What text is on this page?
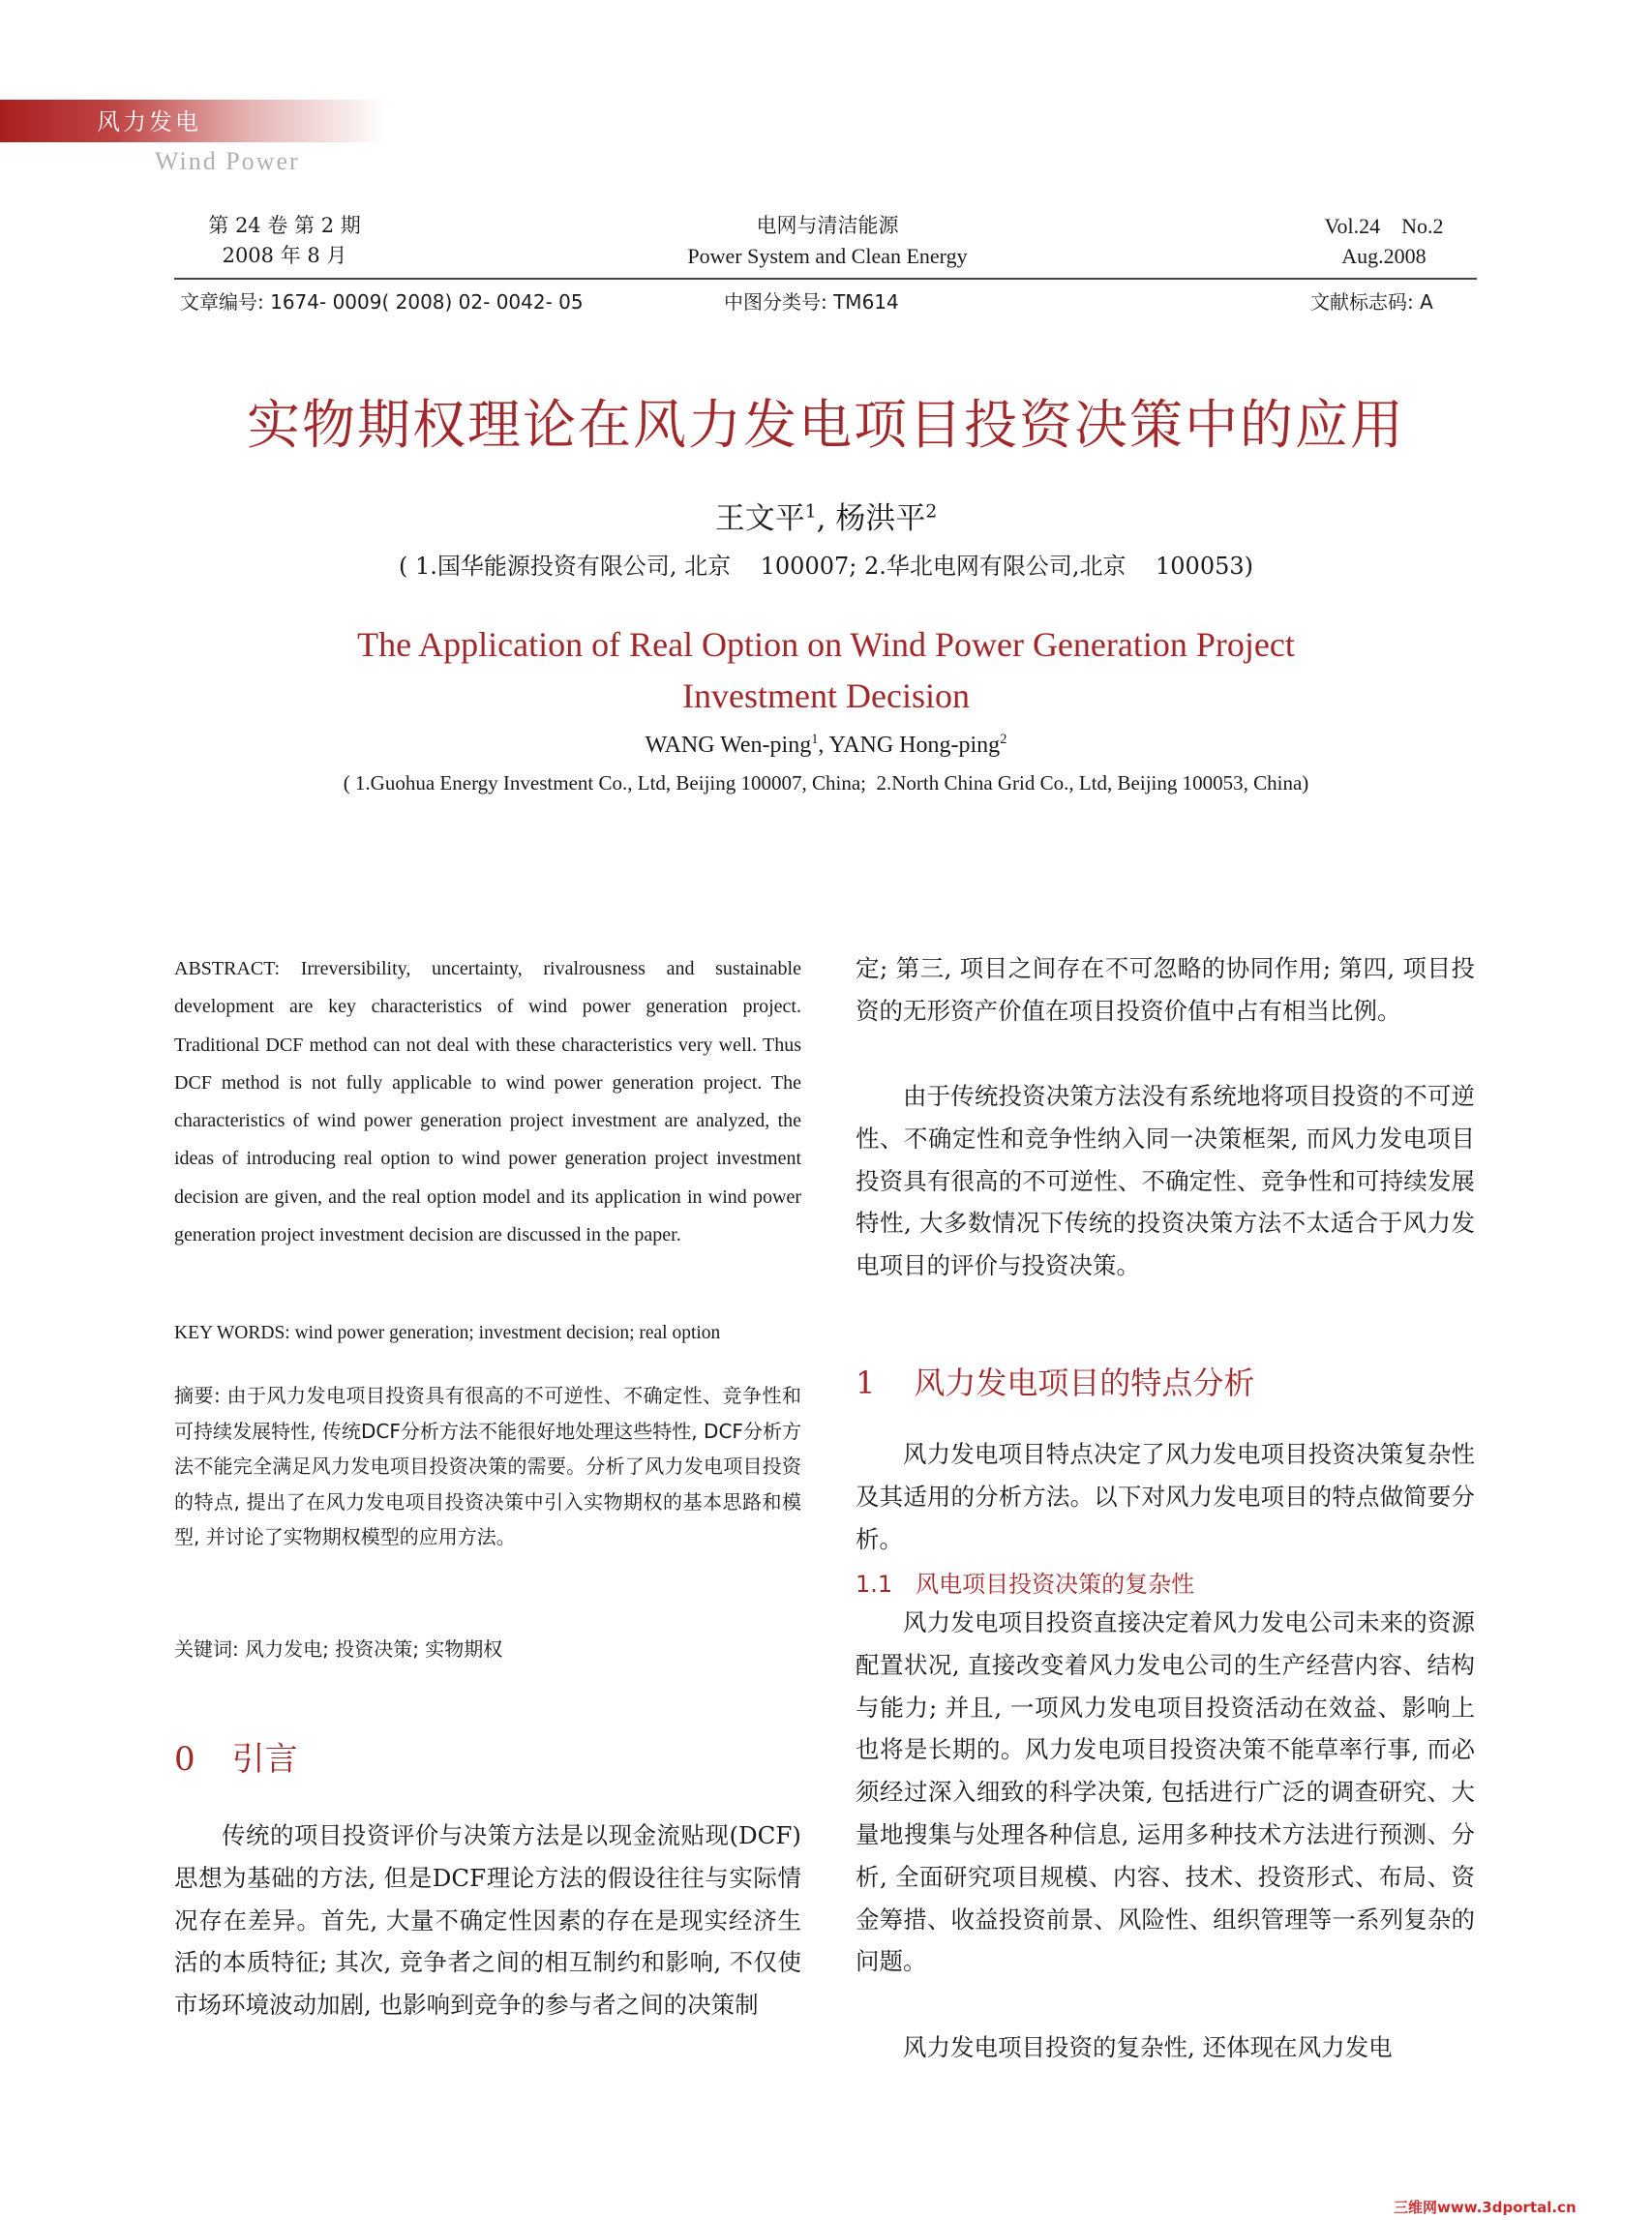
风力发电
Wind Power
第 24 卷 第 2 期
2008 年 8 月
电网与清洁能源
Power System and Clean Energy
Vol.24    No.2
Aug.2008
文章编号: 1674- 0009( 2008) 02- 0042- 05	中图分类号: TM614	文献标志码: A
实物期权理论在风力发电项目投资决策中的应用
王文平$^1$, 杨洪平$^2$
( 1.国华能源投资有限公司, 北京    100007; 2.华北电网有限公司,北京    100053)
The Application of Real Option on Wind Power Generation Project
Investment Decision
WANG Wen-ping$^1$, YANG Hong-ping$^2$
( 1.Guohua Energy Investment Co., Ltd, Beijing 100007, China;  2.North China Grid Co., Ltd, Beijing 100053, China)
ABSTRACT: Irreversibility, uncertainty, rivalrousness and sustainable development are key characteristics of wind power generation project. Traditional DCF method can not deal with these characteristics very well. Thus DCF method is not fully applicable to wind power generation project. The characteristics of wind power generation project investment are analyzed, the ideas of introducing real option to wind power generation project investment decision are given, and the real option model and its application in wind power generation project investment decision are discussed in the paper.
KEY WORDS: wind power generation; investment decision; real option
摘要: 由于风力发电项目投资具有很高的不可逆性、不确定性、竞争性和可持续发展特性, 传统DCF分析方法不能很好地处理这些特性, DCF分析方法不能完全满足风力发电项目投资决策的需要。分析了风力发电项目投资的特点, 提出了在风力发电项目投资决策中引入实物期权的基本思路和模型, 并讨论了实物期权模型的应用方法。
关键词: 风力发电; 投资决策; 实物期权
0 引言
传统的项目投资评价与决策方法是以现金流贴现(DCF)思想为基础的方法, 但是DCF理论方法的假设往往与实际情况存在差异。首先, 大量不确定性因素的存在是现实经济生活的本质特征; 其次, 竞争者之间的相互制约和影响, 不仅使市场环境波动加剧, 也影响到竞争的参与者之间的决策制
定; 第三, 项目之间存在不可忽略的协同作用; 第四, 项目投资的无形资产价值在项目投资价值中占有相当比例。
由于传统投资决策方法没有系统地将项目投资的不可逆性、不确定性和竞争性纳入同一决策框架, 而风力发电项目投资具有很高的不可逆性、不确定性、竞争性和可持续发展特性, 大多数情况下传统的投资决策方法不太适合于风力发电项目的评价与投资决策。
1 风力发电项目的特点分析
风力发电项目特点决定了风力发电项目投资决策复杂性及其适用的分析方法。以下对风力发电项目的特点做简要分析。
1.1 风电项目投资决策的复杂性
风力发电项目投资直接决定着风力发电公司未来的资源配置状况, 直接改变着风力发电公司的生产经营内容、结构与能力; 并且, 一项风力发电项目投资活动在效益、影响上也将是长期的。风力发电项目投资决策不能草率行事, 而必须经过深入细致的科学决策, 包括进行广泛的调查研究、大量地搜集与处理各种信息, 运用多种技术方法进行预测、分析, 全面研究项目规模、内容、技术、投资形式、布局、资金筹措、收益投资前景、风险性、组织管理等一系列复杂的问题。
风力发电项目投资的复杂性, 还体现在风力发电
三维网www.3dportal.cn
